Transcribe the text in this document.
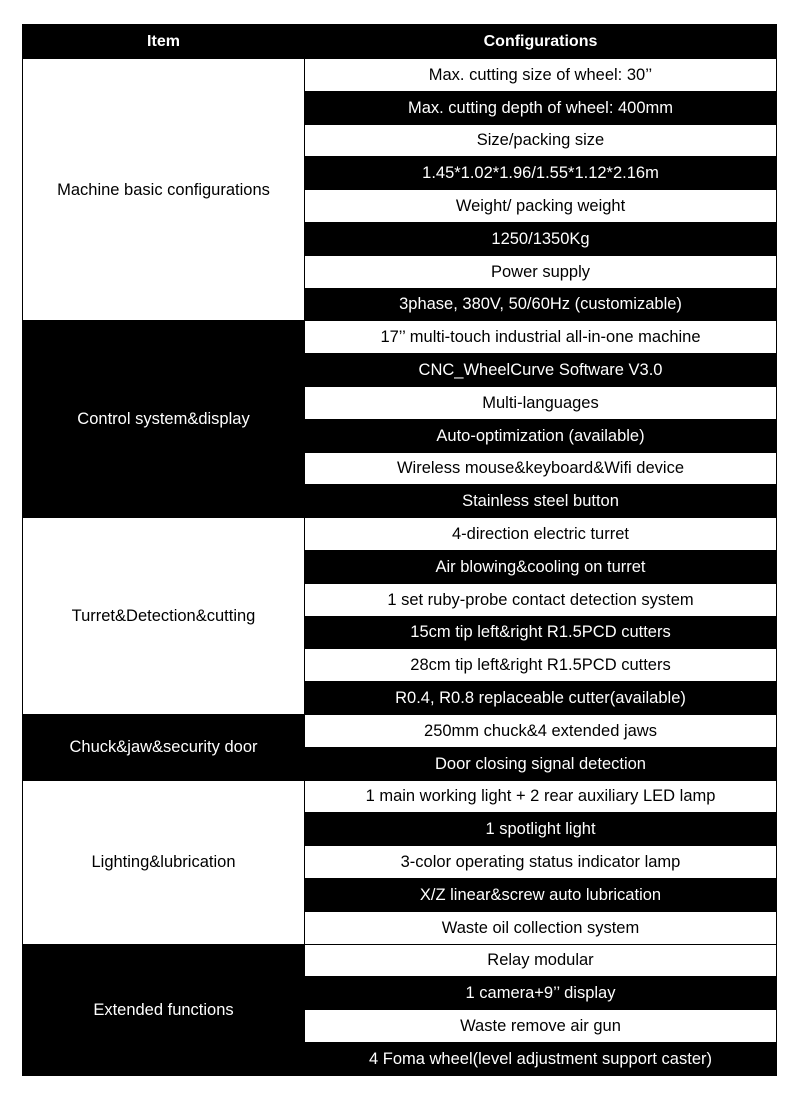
Item	Configurations
Machine basic configurations	Max. cutting size of wheel: 30’’
	Max. cutting depth of wheel: 400mm
	Size/packing size
	1.45*1.02*1.96/1.55*1.12*2.16m
	Weight/ packing weight
	1250/1350Kg
	Power supply
	3phase, 380V, 50/60Hz (customizable)
Control system&display	17’’ multi-touch industrial all-in-one machine
	CNC_WheelCurve Software V3.0
	Multi-languages
	Auto-optimization (available)
	Wireless mouse&keyboard&Wifi device
	Stainless steel button
Turret&Detection&cutting	4-direction electric turret
	Air blowing&cooling on turret
	1 set ruby-probe contact detection system
	15cm tip left&right R1.5PCD cutters
	28cm tip left&right R1.5PCD cutters
	R0.4, R0.8 replaceable cutter(available)
Chuck&jaw&security door	250mm chuck&4 extended jaws
	Door closing signal detection
Lighting&lubrication	1 main working light + 2 rear auxiliary LED lamp
	1 spotlight light
	3-color operating status indicator lamp
	X/Z linear&screw auto lubrication
	Waste oil collection system
Extended functions	Relay modular
	1 camera+9’’ display
	Waste remove air gun
	4 Foma wheel(level adjustment support caster)
